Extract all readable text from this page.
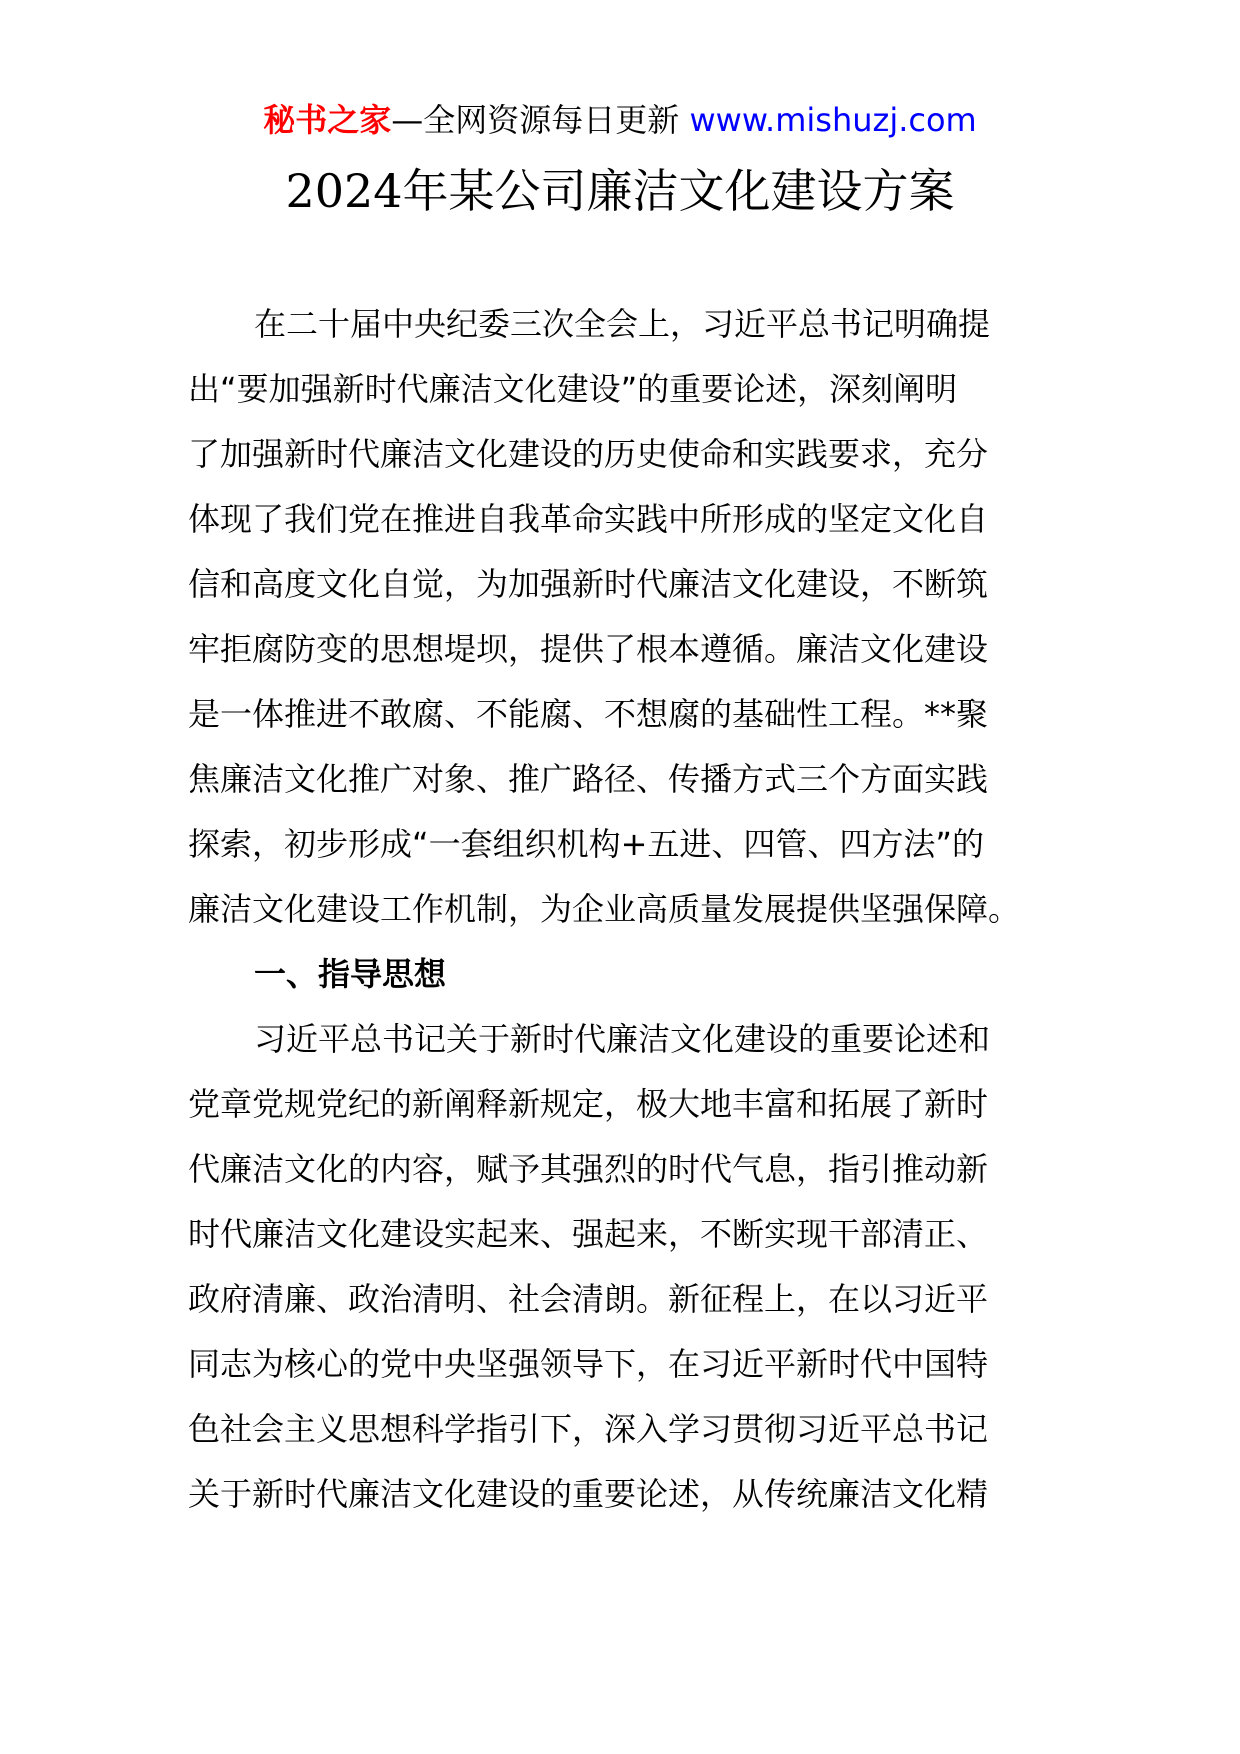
秘书之家—全网资源每日更新 www.mishuzj.com
2024年某公司廉洁文化建设方案
在二十届中央纪委三次全会上，习近平总书记明确提
出“要加强新时代廉洁文化建设”的重要论述，深刻阐明
了加强新时代廉洁文化建设的历史使命和实践要求，充分
体现了我们党在推进自我革命实践中所形成的坚定文化自
信和高度文化自觉，为加强新时代廉洁文化建设，不断筑
牢拒腐防变的思想堤坝，提供了根本遵循。廉洁文化建设
是一体推进不敢腐、不能腐、不想腐的基础性工程。**聚
焦廉洁文化推广对象、推广路径、传播方式三个方面实践
探索，初步形成“一套组织机构+五进、四管、四方法”的
廉洁文化建设工作机制，为企业高质量发展提供坚强保障。
一、指导思想
习近平总书记关于新时代廉洁文化建设的重要论述和
党章党规党纪的新阐释新规定，极大地丰富和拓展了新时
代廉洁文化的内容，赋予其强烈的时代气息，指引推动新
时代廉洁文化建设实起来、强起来，不断实现干部清正、
政府清廉、政治清明、社会清朗。新征程上，在以习近平
同志为核心的党中央坚强领导下，在习近平新时代中国特
色社会主义思想科学指引下，深入学习贯彻习近平总书记
关于新时代廉洁文化建设的重要论述，从传统廉洁文化精
